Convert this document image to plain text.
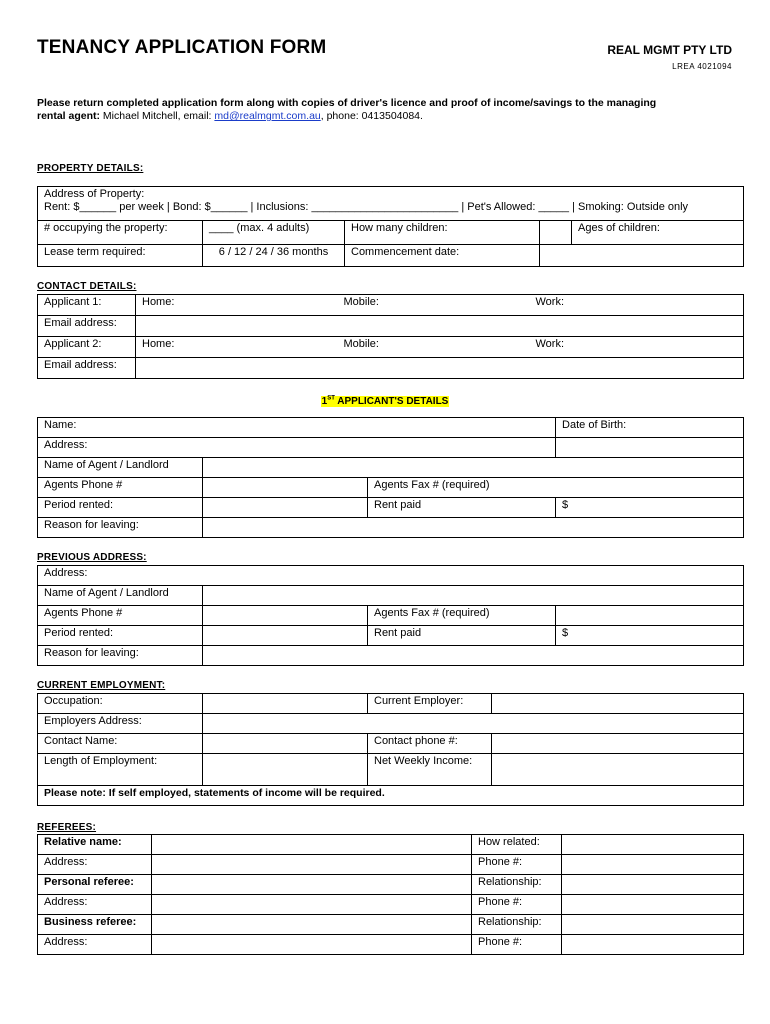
TENANCY APPLICATION FORM	REAL MGMT PTY LTD
LREA 4021094
Please return completed application form along with copies of driver's licence and proof of income/savings to the managing
rental agent: Michael Mitchell, email: md@realmgmt.com.au, phone: 0413504084.
PROPERTY DETAILS:
Address of Property:
Rent: $______ per week | Bond: $______ | Inclusions: ________________________ | Pet's Allowed: _____ | Smoking: Outside only				

# occupying the property:	____ (max. 4 adults)	How many children:		Ages of children:
Lease term required:	6 / 12 / 24 / 36 months	Commencement date:		
CONTACT DETAILS:
Applicant 1:	Home:	Mobile:	Work:
Email address:			
Applicant 2:	Home:	Mobile:	Work:
Email address:			
1ST APPLICANT'S DETAILS
Name:			Date of Birth:
Address:			
Name of Agent / Landlord			
Agents Phone #		Agents Fax # (required)	
Period rented:		Rent paid	$
Reason for leaving:			
PREVIOUS ADDRESS:
Address:			
Name of Agent / Landlord			
Agents Phone #		Agents Fax # (required)	
Period rented:		Rent paid	$
Reason for leaving:			
CURRENT EMPLOYMENT:
Occupation:		Current Employer:	
Employers Address:			
Contact Name:		Contact phone #:	
Length of Employment:		Net Weekly Income:	
Please note: If self employed, statements of income will be required.			
REFEREES:
Relative name:		How related:	
Address:		Phone #:	
Personal referee:		Relationship:	
Address:		Phone #:	
Business referee:		Relationship:	
Address:		Phone #:	
